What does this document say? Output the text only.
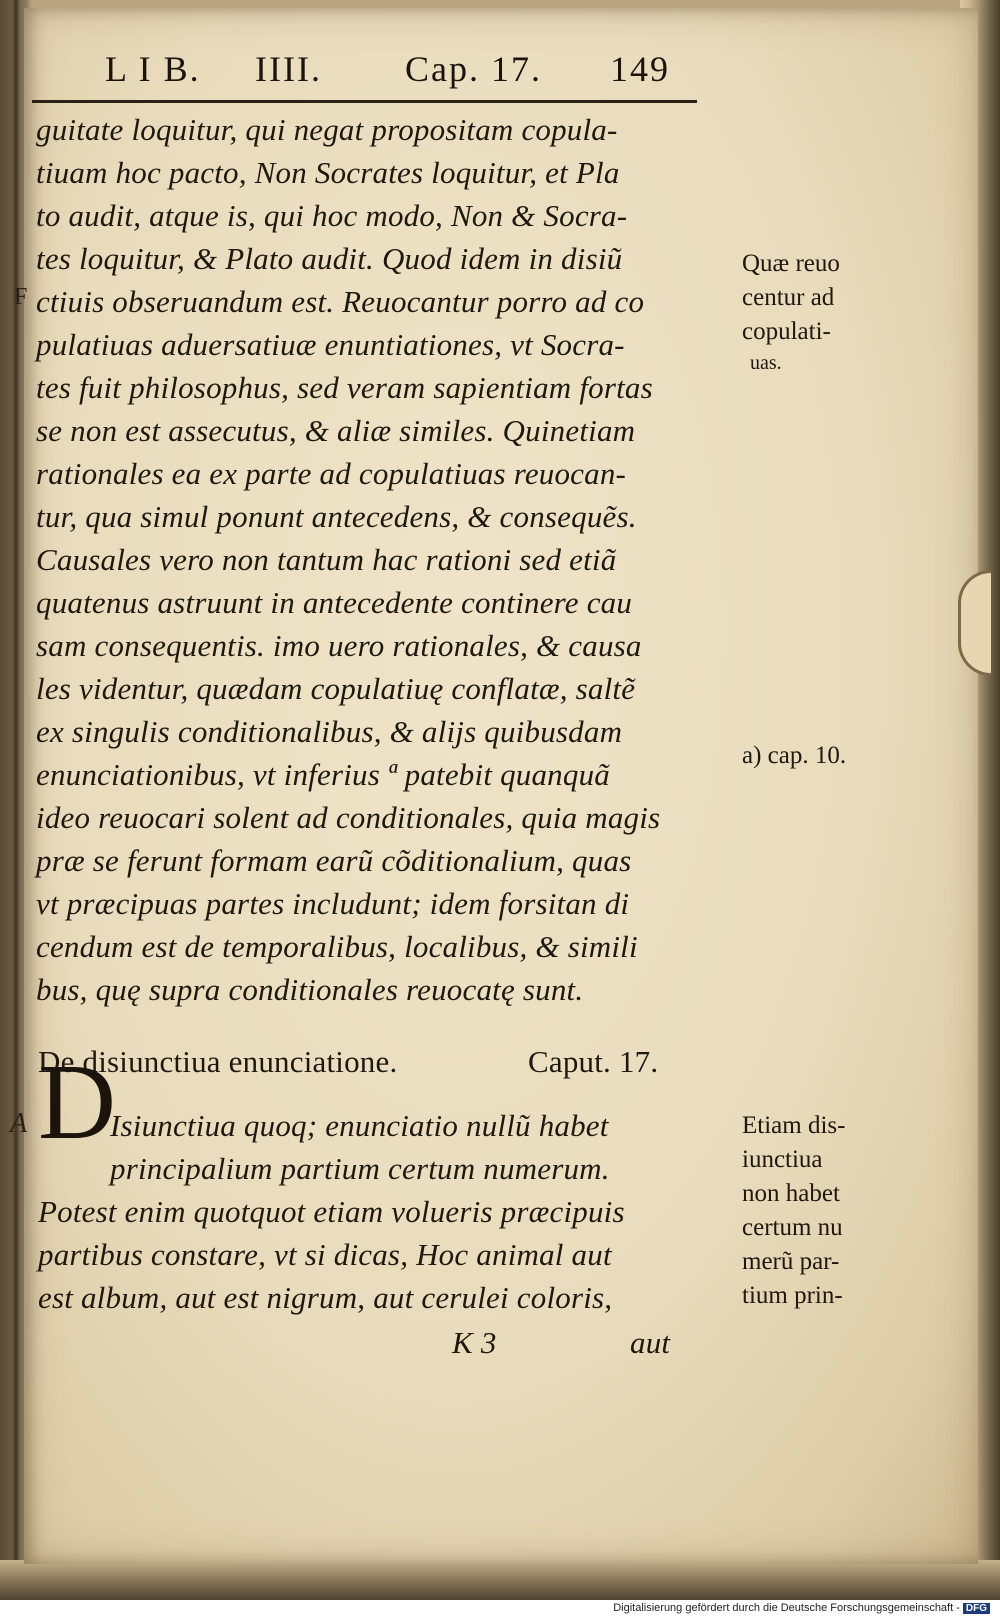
L I B. IIII. Cap. 17. 149
guitate loquitur, qui negat propositam copula-
tiuam hoc pacto, Non Socrates loquitur, et Pla
to audit, atque is, qui hoc modo, Non & Socra-
tes loquitur, & Plato audit. Quod idem in disiũ
ctiuis obseruandum est. Reuocantur porro ad co
pulatiuas aduersatiuæ enuntiationes, vt Socra-
tes fuit philosophus, sed veram sapientiam fortas
se non est assecutus, & aliæ similes. Quinetiam
rationales ea ex parte ad copulatiuas reuocan-
tur, qua simul ponunt antecedens, & consequẽs.
Causales vero non tantum hac rationi sed etiã
quatenus astruunt in antecedente continere cau
sam consequentis. imo uero rationales, & causa
les videntur, quædam copulatiuę conflatæ, saltẽ
ex singulis conditionalibus, & alijs quibusdam
enunciationibus, vt inferius ª patebit quanquã
ideo reuocari solent ad conditionales, quia magis
præ se ferunt formam earũ cõditionalium, quas
vt præcipuas partes includunt; idem forsitan di
cendum est de temporalibus, localibus, & simili
bus, quę supra conditionales reuocatę sunt.
De disiunctiua enunciatione.	Caput. 17.
D
Isiunctiua quoq; enunciatio nullũ habet
principalium partium certum numerum.
Potest enim quotquot etiam volueris præcipuis
partibus constare, vt si dicas, Hoc animal aut
est album, aut est nigrum, aut cerulei coloris,
K 3	aut
Quæ reuo
centur ad
copulati-
uas.
a) cap. 10.
Etiam dis-
iunctiua
non habet
certum nu
merũ par-
tium prin-
F
A
Digitalisierung gefördert durch die Deutsche Forschungsgemeinschaft - DFG
